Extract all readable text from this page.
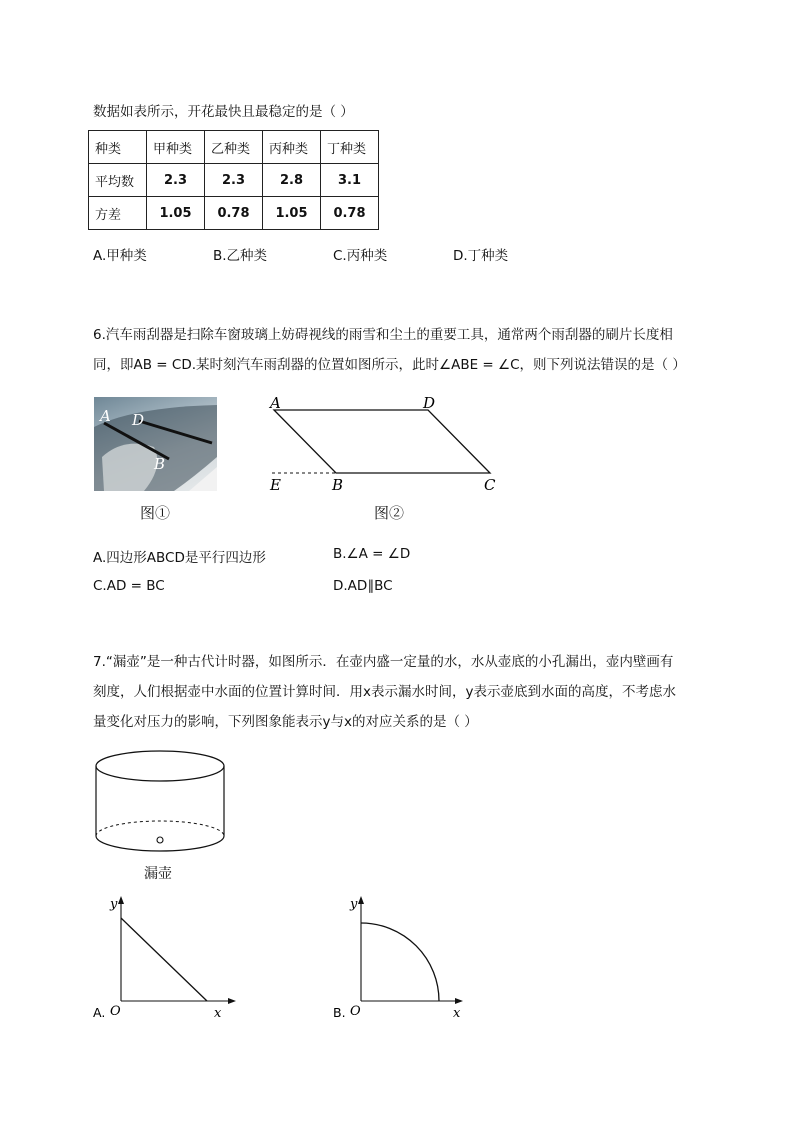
数据如表所示，开花最快且最稳定的是（ ）
种类	甲种类	乙种类	丙种类	丁种类
平均数	2.3	2.3	2.8	3.1
方差	1.05	0.78	1.05	0.78
A.甲种类	B.乙种类	C.丙种类	D.丁种类
6.汽车雨刮器是扫除车窗玻璃上妨碍视线的雨雪和尘土的重要工具，通常两个雨刮器的刷片长度相
同，即AB = CD.某时刻汽车雨刮器的位置如图所示，此时∠ABE = ∠C，则下列说法错误的是（ ）
A D
B
图①
A	D
E	B	C
图②
A.四边形ABCD是平行四边形	B.∠A = ∠D
C.AD = BC	D.AD∥BC
7.“漏壶”是一种古代计时器，如图所示．在壶内盛一定量的水，水从壶底的小孔漏出，壶内壁画有
刻度，人们根据壶中水面的位置计算时间．用x表示漏水时间，y表示壶底到水面的高度，不考虑水
量变化对压力的影响，下列图象能表示y与x的对应关系的是（ ）
漏壶
y
O	x
A.
y
O	x
B.
